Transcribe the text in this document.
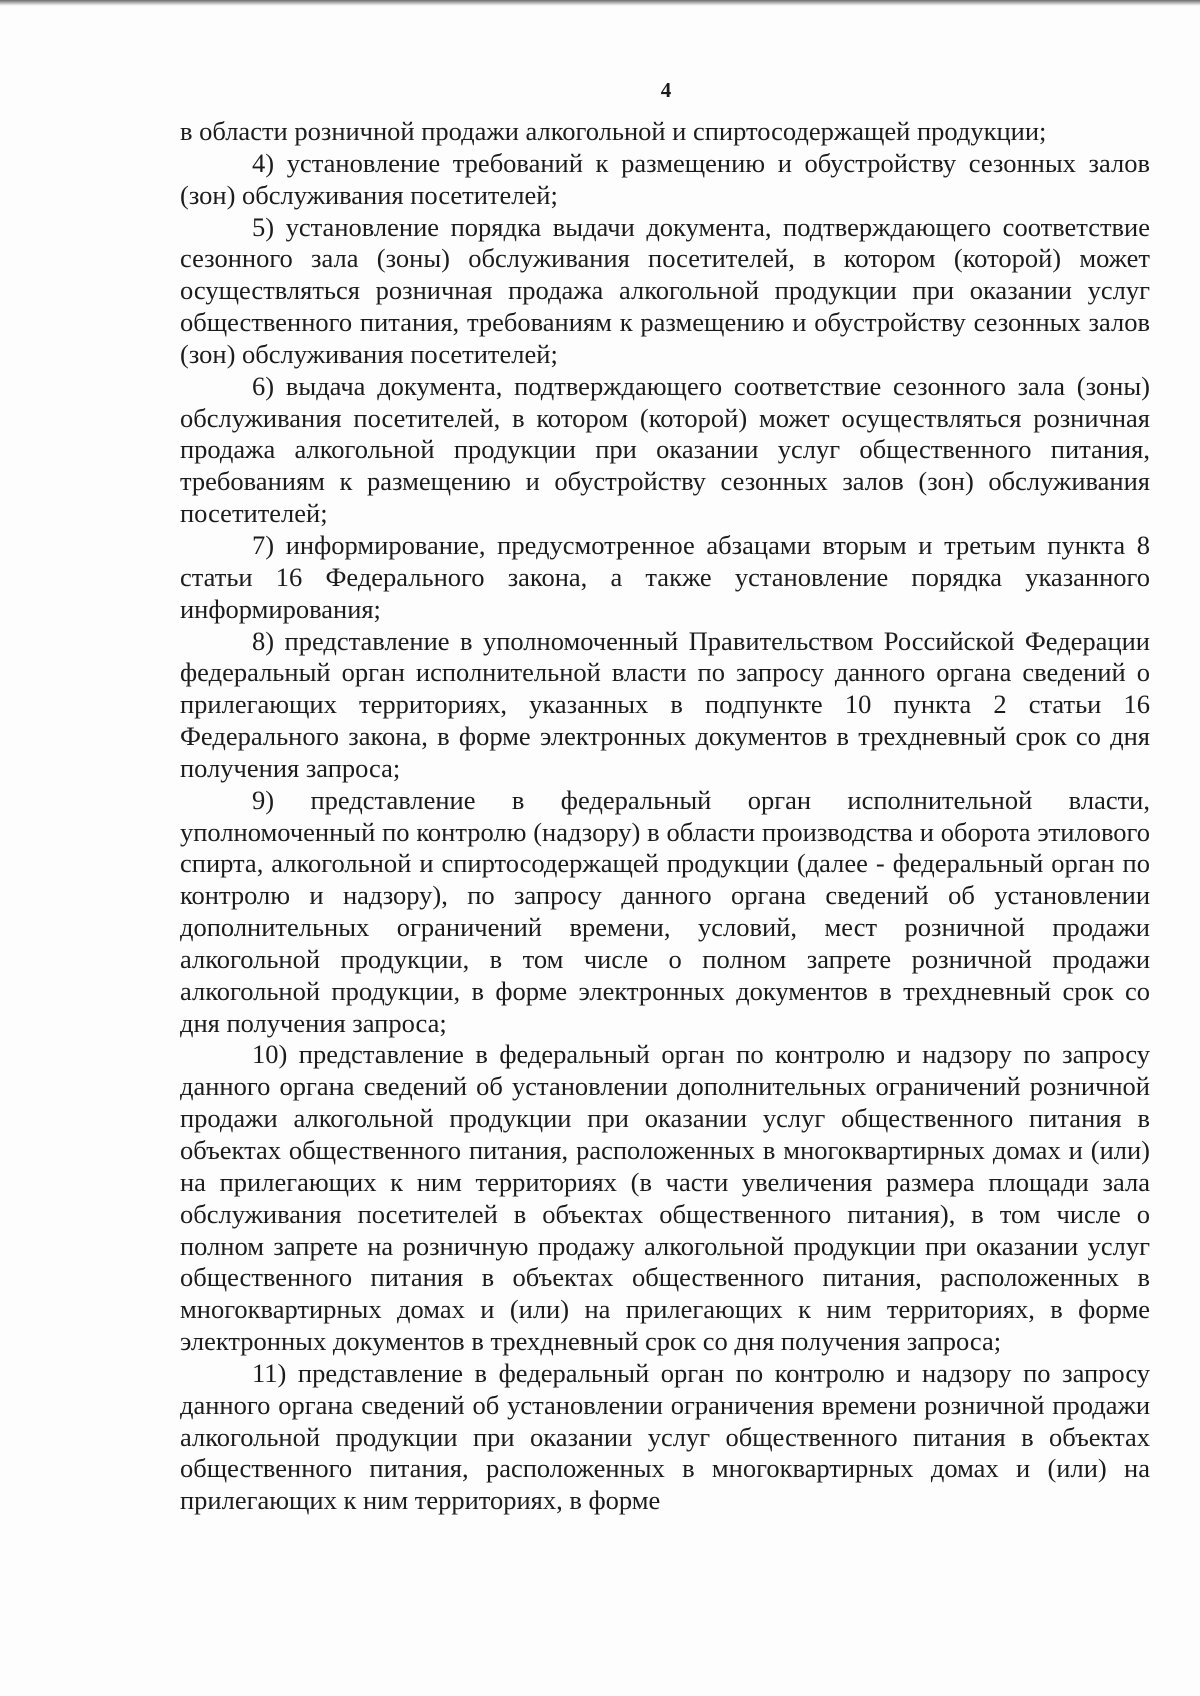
4

в области розничной продажи алкогольной и спиртосодержащей продукции;

4) установление требований к размещению и обустройству сезонных залов (зон) обслуживания посетителей;

5) установление порядка выдачи документа, подтверждающего соответствие сезонного зала (зоны) обслуживания посетителей, в котором (которой) может осуществляться розничная продажа алкогольной продукции при оказании услуг общественного питания, требованиям к размещению и обустройству сезонных залов (зон) обслуживания посетителей;

6) выдача документа, подтверждающего соответствие сезонного зала (зоны) обслуживания посетителей, в котором (которой) может осуществляться розничная продажа алкогольной продукции при оказании услуг общественного питания, требованиям к размещению и обустройству сезонных залов (зон) обслуживания посетителей;

7) информирование, предусмотренное абзацами вторым и третьим пункта 8 статьи 16 Федерального закона, а также установление порядка указанного информирования;

8) представление в уполномоченный Правительством Российской Федерации федеральный орган исполнительной власти по запросу данного органа сведений о прилегающих территориях, указанных в подпункте 10 пункта 2 статьи 16 Федерального закона, в форме электронных документов в трехдневный срок со дня получения запроса;

9) представление в федеральный орган исполнительной власти, уполномоченный по контролю (надзору) в области производства и оборота этилового спирта, алкогольной и спиртосодержащей продукции (далее - федеральный орган по контролю и надзору), по запросу данного органа сведений об установлении дополнительных ограничений времени, условий, мест розничной продажи алкогольной продукции, в том числе о полном запрете розничной продажи алкогольной продукции, в форме электронных документов в трехдневный срок со дня получения запроса;

10) представление в федеральный орган по контролю и надзору по запросу данного органа сведений об установлении дополнительных ограничений розничной продажи алкогольной продукции при оказании услуг общественного питания в объектах общественного питания, расположенных в многоквартирных домах и (или) на прилегающих к ним территориях (в части увеличения размера площади зала обслуживания посетителей в объектах общественного питания), в том числе о полном запрете на розничную продажу алкогольной продукции при оказании услуг общественного питания в объектах общественного питания, расположенных в многоквартирных домах и (или) на прилегающих к ним территориях, в форме электронных документов в трехдневный срок со дня получения запроса;

11) представление в федеральный орган по контролю и надзору по запросу данного органа сведений об установлении ограничения времени розничной продажи алкогольной продукции при оказании услуг общественного питания в объектах общественного питания, расположенных в многоквартирных домах и (или) на прилегающих к ним территориях, в форме
